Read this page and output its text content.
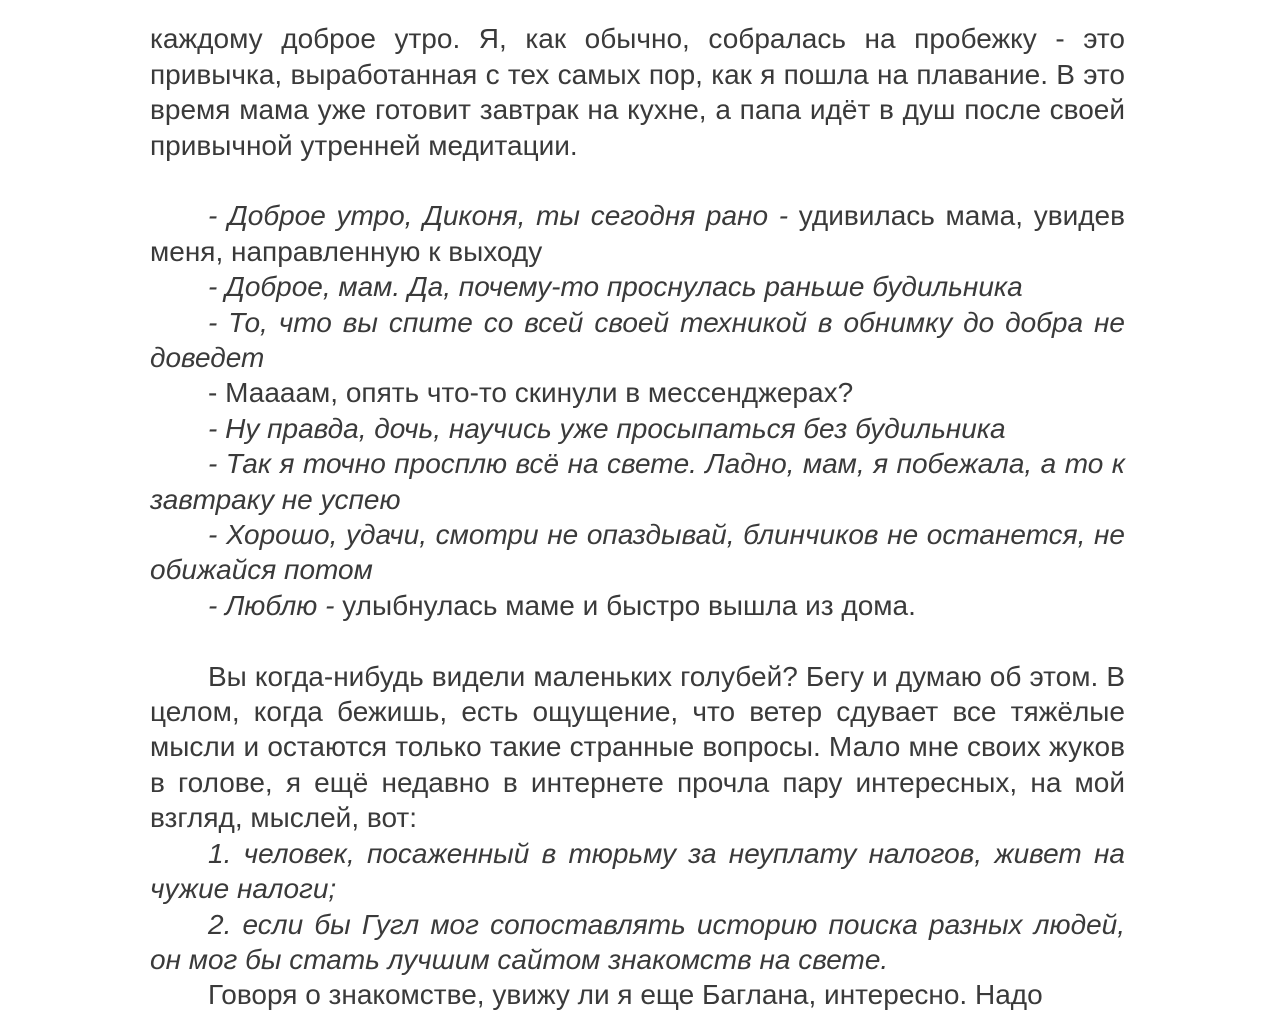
каждому доброе утро. Я, как обычно, собралась на пробежку - это привычка, выработанная с тех самых пор, как я пошла на плавание. В это время мама уже готовит завтрак на кухне, а папа идёт в душ после своей привычной утренней медитации.

- Доброе утро, Диконя, ты сегодня рано - удивилась мама, увидев меня, направленную к выходу

- Доброе, мам. Да, почему-то проснулась раньше будильника

- То, что вы спите со всей своей техникой в обнимку до добра не доведет

- Маааам, опять что-то скинули в мессенджерах?

- Ну правда, дочь, научись уже просыпаться без будильника

- Так я точно просплю всё на свете. Ладно, мам, я побежала, а то к завтраку не успею

- Хорошо, удачи, смотри не опаздывай, блинчиков не останется, не обижайся потом

- Люблю - улыбнулась маме и быстро вышла из дома.

Вы когда-нибудь видели маленьких голубей? Бегу и думаю об этом. В целом, когда бежишь, есть ощущение, что ветер сдувает все тяжёлые мысли и остаются только такие странные вопросы. Мало мне своих жуков в голове, я ещё недавно в интернете прочла пару интересных, на мой взгляд, мыслей, вот:

1. человек, посаженный в тюрьму за неуплату налогов, живет на чужие налоги;

2. если бы Гугл мог сопоставлять историю поиска разных людей, он мог бы стать лучшим сайтом знакомств на свете.

Говоря о знакомстве, увижу ли я еще Баглана, интересно. Надо
